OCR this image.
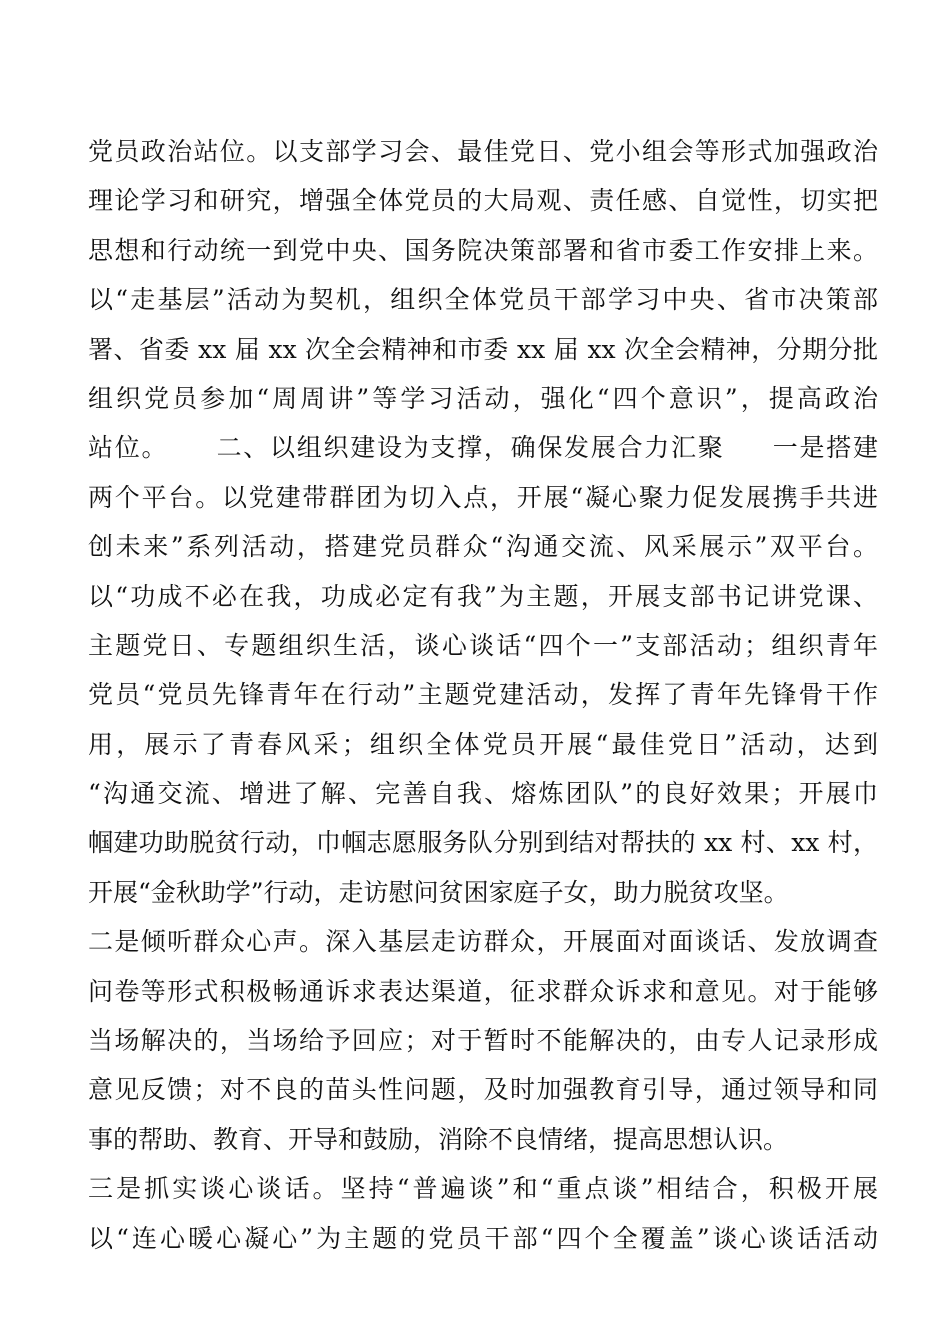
党员政治站位。以支部学习会、最佳党日、党小组会等形式加强政治
理论学习和研究，增强全体党员的大局观、责任感、自觉性，切实把
思想和行动统一到党中央、国务院决策部署和省市委工作安排上来。
以“走基层”活动为契机，组织全体党员干部学习中央、省市决策部
署、省委 xx 届 xx 次全会精神和市委 xx 届 xx 次全会精神，分期分批
组织党员参加“周周讲”等学习活动，强化“四个意识”，提高政治
站位。     二、以组织建设为支撑，确保发展合力汇聚     一是搭建
两个平台。以党建带群团为切入点，开展“凝心聚力促发展携手共进
创未来”系列活动，搭建党员群众“沟通交流、风采展示”双平台。
以“功成不必在我，功成必定有我”为主题，开展支部书记讲党课、
主题党日、专题组织生活，谈心谈话“四个一”支部活动；组织青年
党员“党员先锋青年在行动”主题党建活动，发挥了青年先锋骨干作
用，展示了青春风采；组织全体党员开展“最佳党日”活动，达到
“沟通交流、增进了解、完善自我、熔炼团队”的良好效果；开展巾
帼建功助脱贫行动，巾帼志愿服务队分别到结对帮扶的 xx 村、xx 村，
开展“金秋助学”行动，走访慰问贫困家庭子女，助力脱贫攻坚。
二是倾听群众心声。深入基层走访群众，开展面对面谈话、发放调查
问卷等形式积极畅通诉求表达渠道，征求群众诉求和意见。对于能够
当场解决的，当场给予回应；对于暂时不能解决的，由专人记录形成
意见反馈；对不良的苗头性问题，及时加强教育引导，通过领导和同
事的帮助、教育、开导和鼓励，消除不良情绪，提高思想认识。
三是抓实谈心谈话。坚持“普遍谈”和“重点谈”相结合，积极开展
以“连心暖心凝心”为主题的党员干部“四个全覆盖”谈心谈话活动
